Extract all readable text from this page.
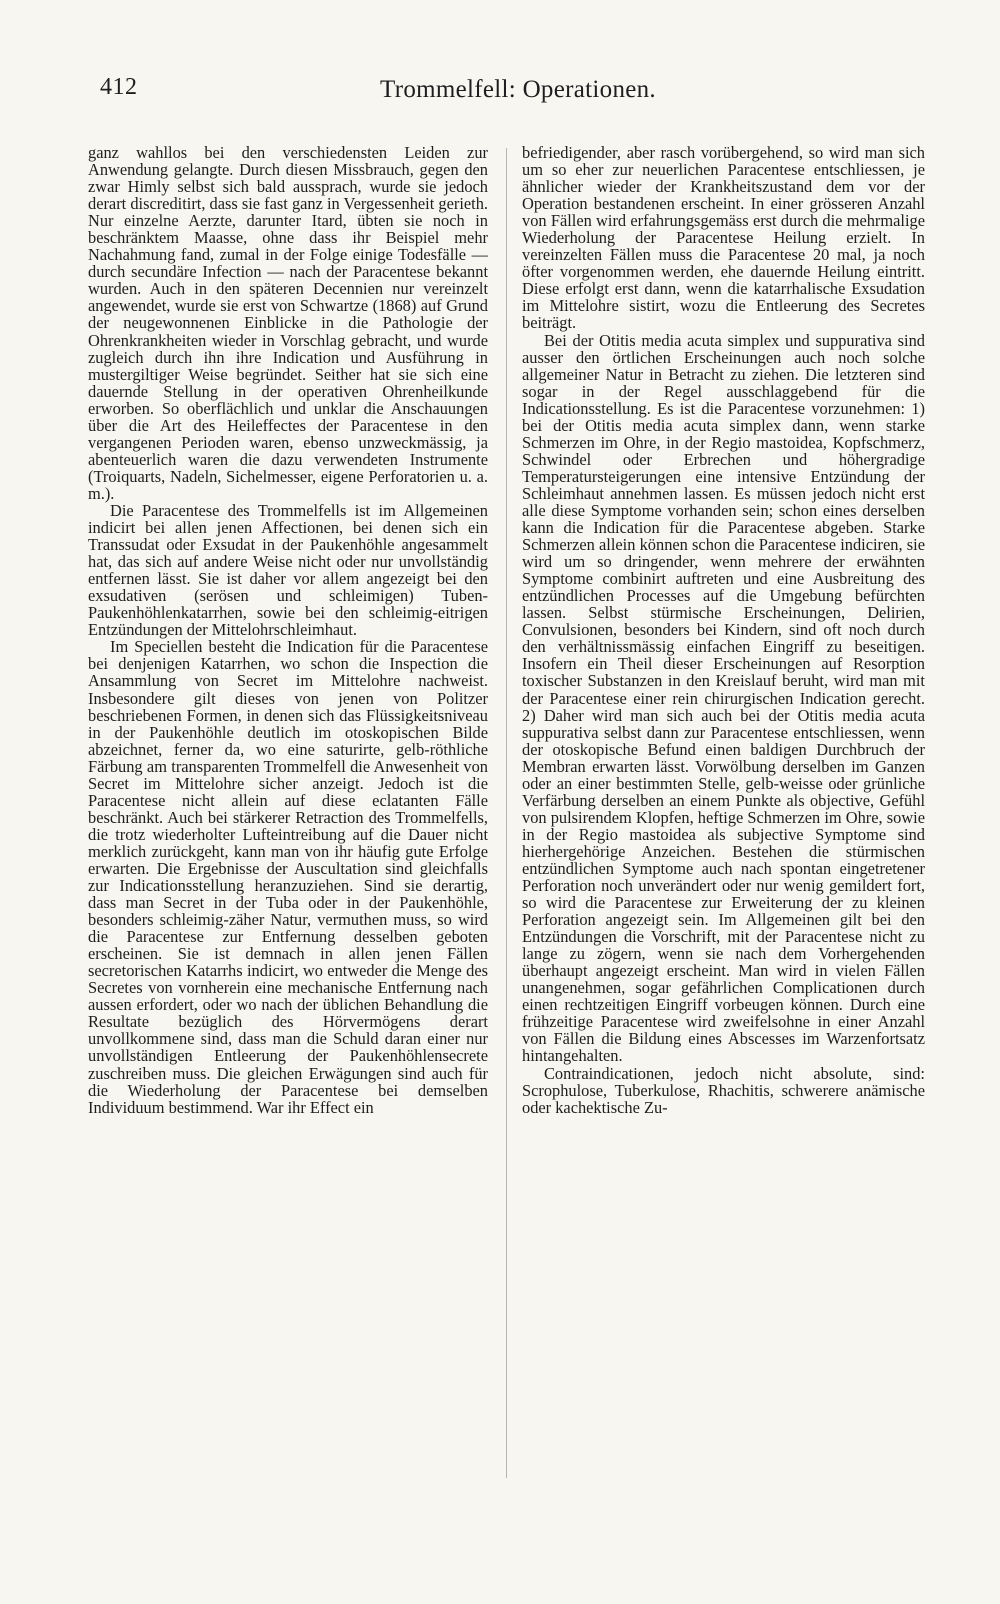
412	Trommelfell: Operationen.

ganz wahllos bei den verschiedensten Leiden zur Anwendung gelangte. Durch diesen Missbrauch, gegen den zwar Himly selbst sich bald aussprach, wurde sie jedoch derart discreditirt, dass sie fast ganz in Vergessenheit gerieth. Nur einzelne Aerzte, darunter Itard, übten sie noch in beschränktem Maasse, ohne dass ihr Beispiel mehr Nachahmung fand, zumal in der Folge einige Todesfälle — durch secundäre Infection — nach der Paracentese bekannt wurden. Auch in den späteren Decennien nur vereinzelt angewendet, wurde sie erst von Schwartze (1868) auf Grund der neugewonnenen Einblicke in die Pathologie der Ohrenkrankheiten wieder in Vorschlag gebracht, und wurde zugleich durch ihn ihre Indication und Ausführung in mustergiltiger Weise begründet. Seither hat sie sich eine dauernde Stellung in der operativen Ohrenheilkunde erworben. So oberflächlich und unklar die Anschauungen über die Art des Heileffectes der Paracentese in den vergangenen Perioden waren, ebenso unzweckmässig, ja abenteuerlich waren die dazu verwendeten Instrumente (Troiquarts, Nadeln, Sichelmesser, eigene Perforatorien u. a. m.).

Die Paracentese des Trommelfells ist im Allgemeinen indicirt bei allen jenen Affectionen, bei denen sich ein Transsudat oder Exsudat in der Paukenhöhle angesammelt hat, das sich auf andere Weise nicht oder nur unvollständig entfernen lässt. Sie ist daher vor allem angezeigt bei den exsudativen (serösen und schleimigen) Tuben-Paukenhöhlenkatarrhen, sowie bei den schleimig-eitrigen Entzündungen der Mittelohrschleimhaut.

Im Speciellen besteht die Indication für die Paracentese bei denjenigen Katarrhen, wo schon die Inspection die Ansammlung von Secret im Mittelohre nachweist. Insbesondere gilt dieses von jenen von Politzer beschriebenen Formen, in denen sich das Flüssigkeitsniveau in der Paukenhöhle deutlich im otoskopischen Bilde abzeichnet, ferner da, wo eine saturirte, gelb-röthliche Färbung am transparenten Trommelfell die Anwesenheit von Secret im Mittelohre sicher anzeigt. Jedoch ist die Paracentese nicht allein auf diese eclatanten Fälle beschränkt. Auch bei stärkerer Retraction des Trommelfells, die trotz wiederholter Lufteintreibung auf die Dauer nicht merklich zurückgeht, kann man von ihr häufig gute Erfolge erwarten. Die Ergebnisse der Auscultation sind gleichfalls zur Indicationsstellung heranzuziehen. Sind sie derartig, dass man Secret in der Tuba oder in der Paukenhöhle, besonders schleimig-zäher Natur, vermuthen muss, so wird die Paracentese zur Entfernung desselben geboten erscheinen. Sie ist demnach in allen jenen Fällen secretorischen Katarrhs indicirt, wo entweder die Menge des Secretes von vornherein eine mechanische Entfernung nach aussen erfordert, oder wo nach der üblichen Behandlung die Resultate bezüglich des Hörvermögens derart unvollkommene sind, dass man die Schuld daran einer nur unvollständigen Entleerung der Paukenhöhlensecrete zuschreiben muss. Die gleichen Erwägungen sind auch für die Wiederholung der Paracentese bei demselben Individuum bestimmend. War ihr Effect ein

befriedigender, aber rasch vorübergehend, so wird man sich um so eher zur neuerlichen Paracentese entschliessen, je ähnlicher wieder der Krankheitszustand dem vor der Operation bestandenen erscheint. In einer grösseren Anzahl von Fällen wird erfahrungsgemäss erst durch die mehrmalige Wiederholung der Paracentese Heilung erzielt. In vereinzelten Fällen muss die Paracentese 20 mal, ja noch öfter vorgenommen werden, ehe dauernde Heilung eintritt. Diese erfolgt erst dann, wenn die katarrhalische Exsudation im Mittelohre sistirt, wozu die Entleerung des Secretes beiträgt.

Bei der Otitis media acuta simplex und suppurativa sind ausser den örtlichen Erscheinungen auch noch solche allgemeiner Natur in Betracht zu ziehen. Die letzteren sind sogar in der Regel ausschlaggebend für die Indicationsstellung. Es ist die Paracentese vorzunehmen: 1) bei der Otitis media acuta simplex dann, wenn starke Schmerzen im Ohre, in der Regio mastoidea, Kopfschmerz, Schwindel oder Erbrechen und höhergradige Temperatursteigerungen eine intensive Entzündung der Schleimhaut annehmen lassen. Es müssen jedoch nicht erst alle diese Symptome vorhanden sein; schon eines derselben kann die Indication für die Paracentese abgeben. Starke Schmerzen allein können schon die Paracentese indiciren, sie wird um so dringender, wenn mehrere der erwähnten Symptome combinirt auftreten und eine Ausbreitung des entzündlichen Processes auf die Umgebung befürchten lassen. Selbst stürmische Erscheinungen, Delirien, Convulsionen, besonders bei Kindern, sind oft noch durch den verhältnissmässig einfachen Eingriff zu beseitigen. Insofern ein Theil dieser Erscheinungen auf Resorption toxischer Substanzen in den Kreislauf beruht, wird man mit der Paracentese einer rein chirurgischen Indication gerecht. 2) Daher wird man sich auch bei der Otitis media acuta suppurativa selbst dann zur Paracentese entschliessen, wenn der otoskopische Befund einen baldigen Durchbruch der Membran erwarten lässt. Vorwölbung derselben im Ganzen oder an einer bestimmten Stelle, gelb-weisse oder grünliche Verfärbung derselben an einem Punkte als objective, Gefühl von pulsirendem Klopfen, heftige Schmerzen im Ohre, sowie in der Regio mastoidea als subjective Symptome sind hierhergehörige Anzeichen. Bestehen die stürmischen entzündlichen Symptome auch nach spontan eingetretener Perforation noch unverändert oder nur wenig gemildert fort, so wird die Paracentese zur Erweiterung der zu kleinen Perforation angezeigt sein. Im Allgemeinen gilt bei den Entzündungen die Vorschrift, mit der Paracentese nicht zu lange zu zögern, wenn sie nach dem Vorhergehenden überhaupt angezeigt erscheint. Man wird in vielen Fällen unangenehmen, sogar gefährlichen Complicationen durch einen rechtzeitigen Eingriff vorbeugen können. Durch eine frühzeitige Paracentese wird zweifelsohne in einer Anzahl von Fällen die Bildung eines Abscesses im Warzenfortsatz hintangehalten.

Contraindicationen, jedoch nicht absolute, sind: Scrophulose, Tuberkulose, Rhachitis, schwerere anämische oder kachektische Zu-
